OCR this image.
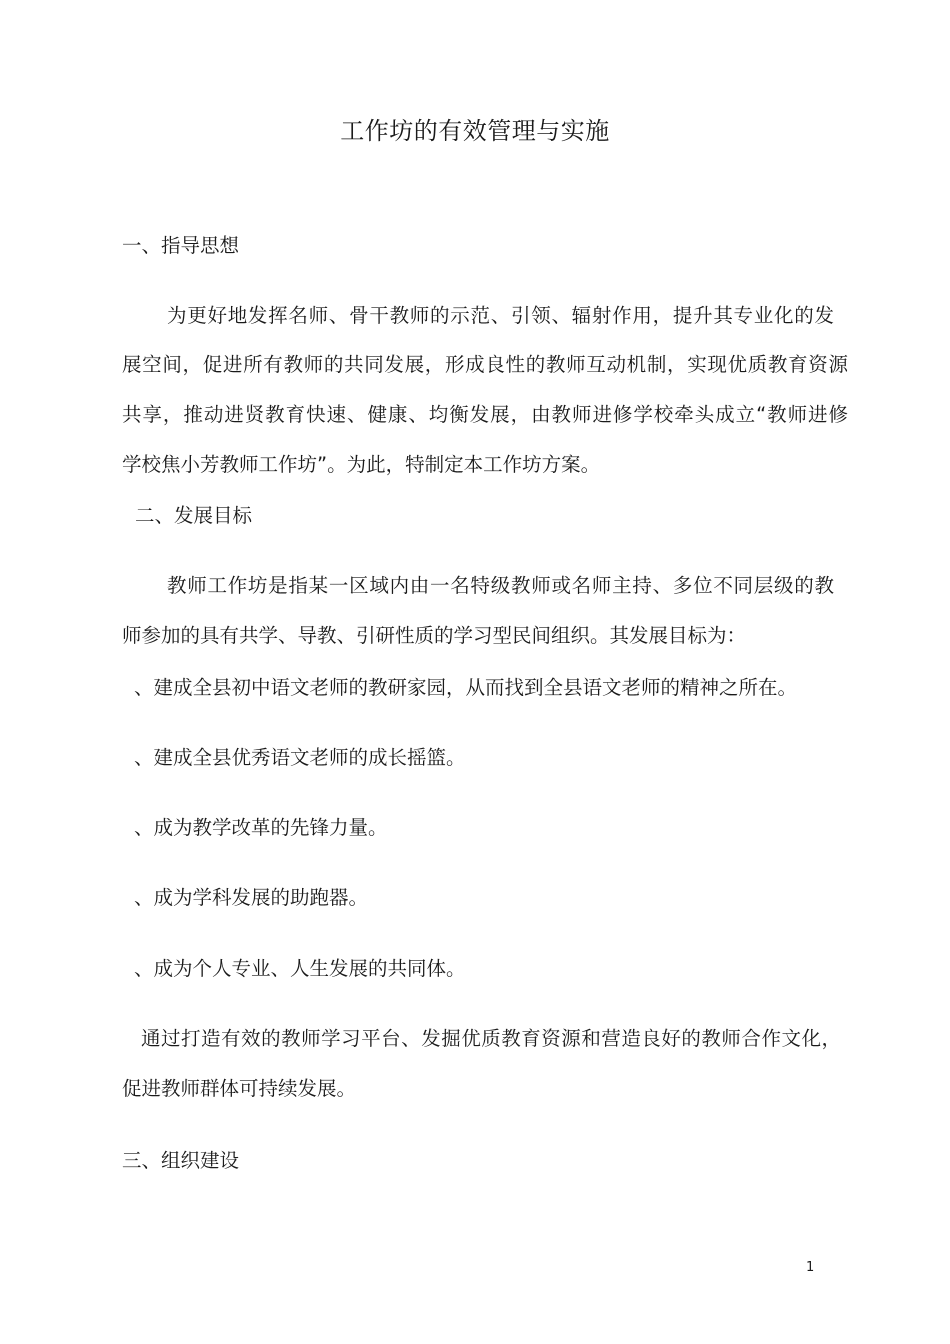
工作坊的有效管理与实施
一、指导思想
为更好地发挥名师、骨干教师的示范、引领、辐射作用，提升其专业化的发
展空间，促进所有教师的共同发展，形成良性的教师互动机制，实现优质教育资源
共享，推动进贤教育快速、健康、均衡发展，由教师进修学校牵头成立“教师进修
学校焦小芳教师工作坊”。为此，特制定本工作坊方案。
二、发展目标
教师工作坊是指某一区域内由一名特级教师或名师主持、多位不同层级的教
师参加的具有共学、导教、引研性质的学习型民间组织。其发展目标为：
、建成全县初中语文老师的教研家园，从而找到全县语文老师的精神之所在。
、建成全县优秀语文老师的成长摇篮。
、成为教学改革的先锋力量。
、成为学科发展的助跑器。
、成为个人专业、人生发展的共同体。
通过打造有效的教师学习平台、发掘优质教育资源和营造良好的教师合作文化，
促进教师群体可持续发展。
三、组织建设
1
